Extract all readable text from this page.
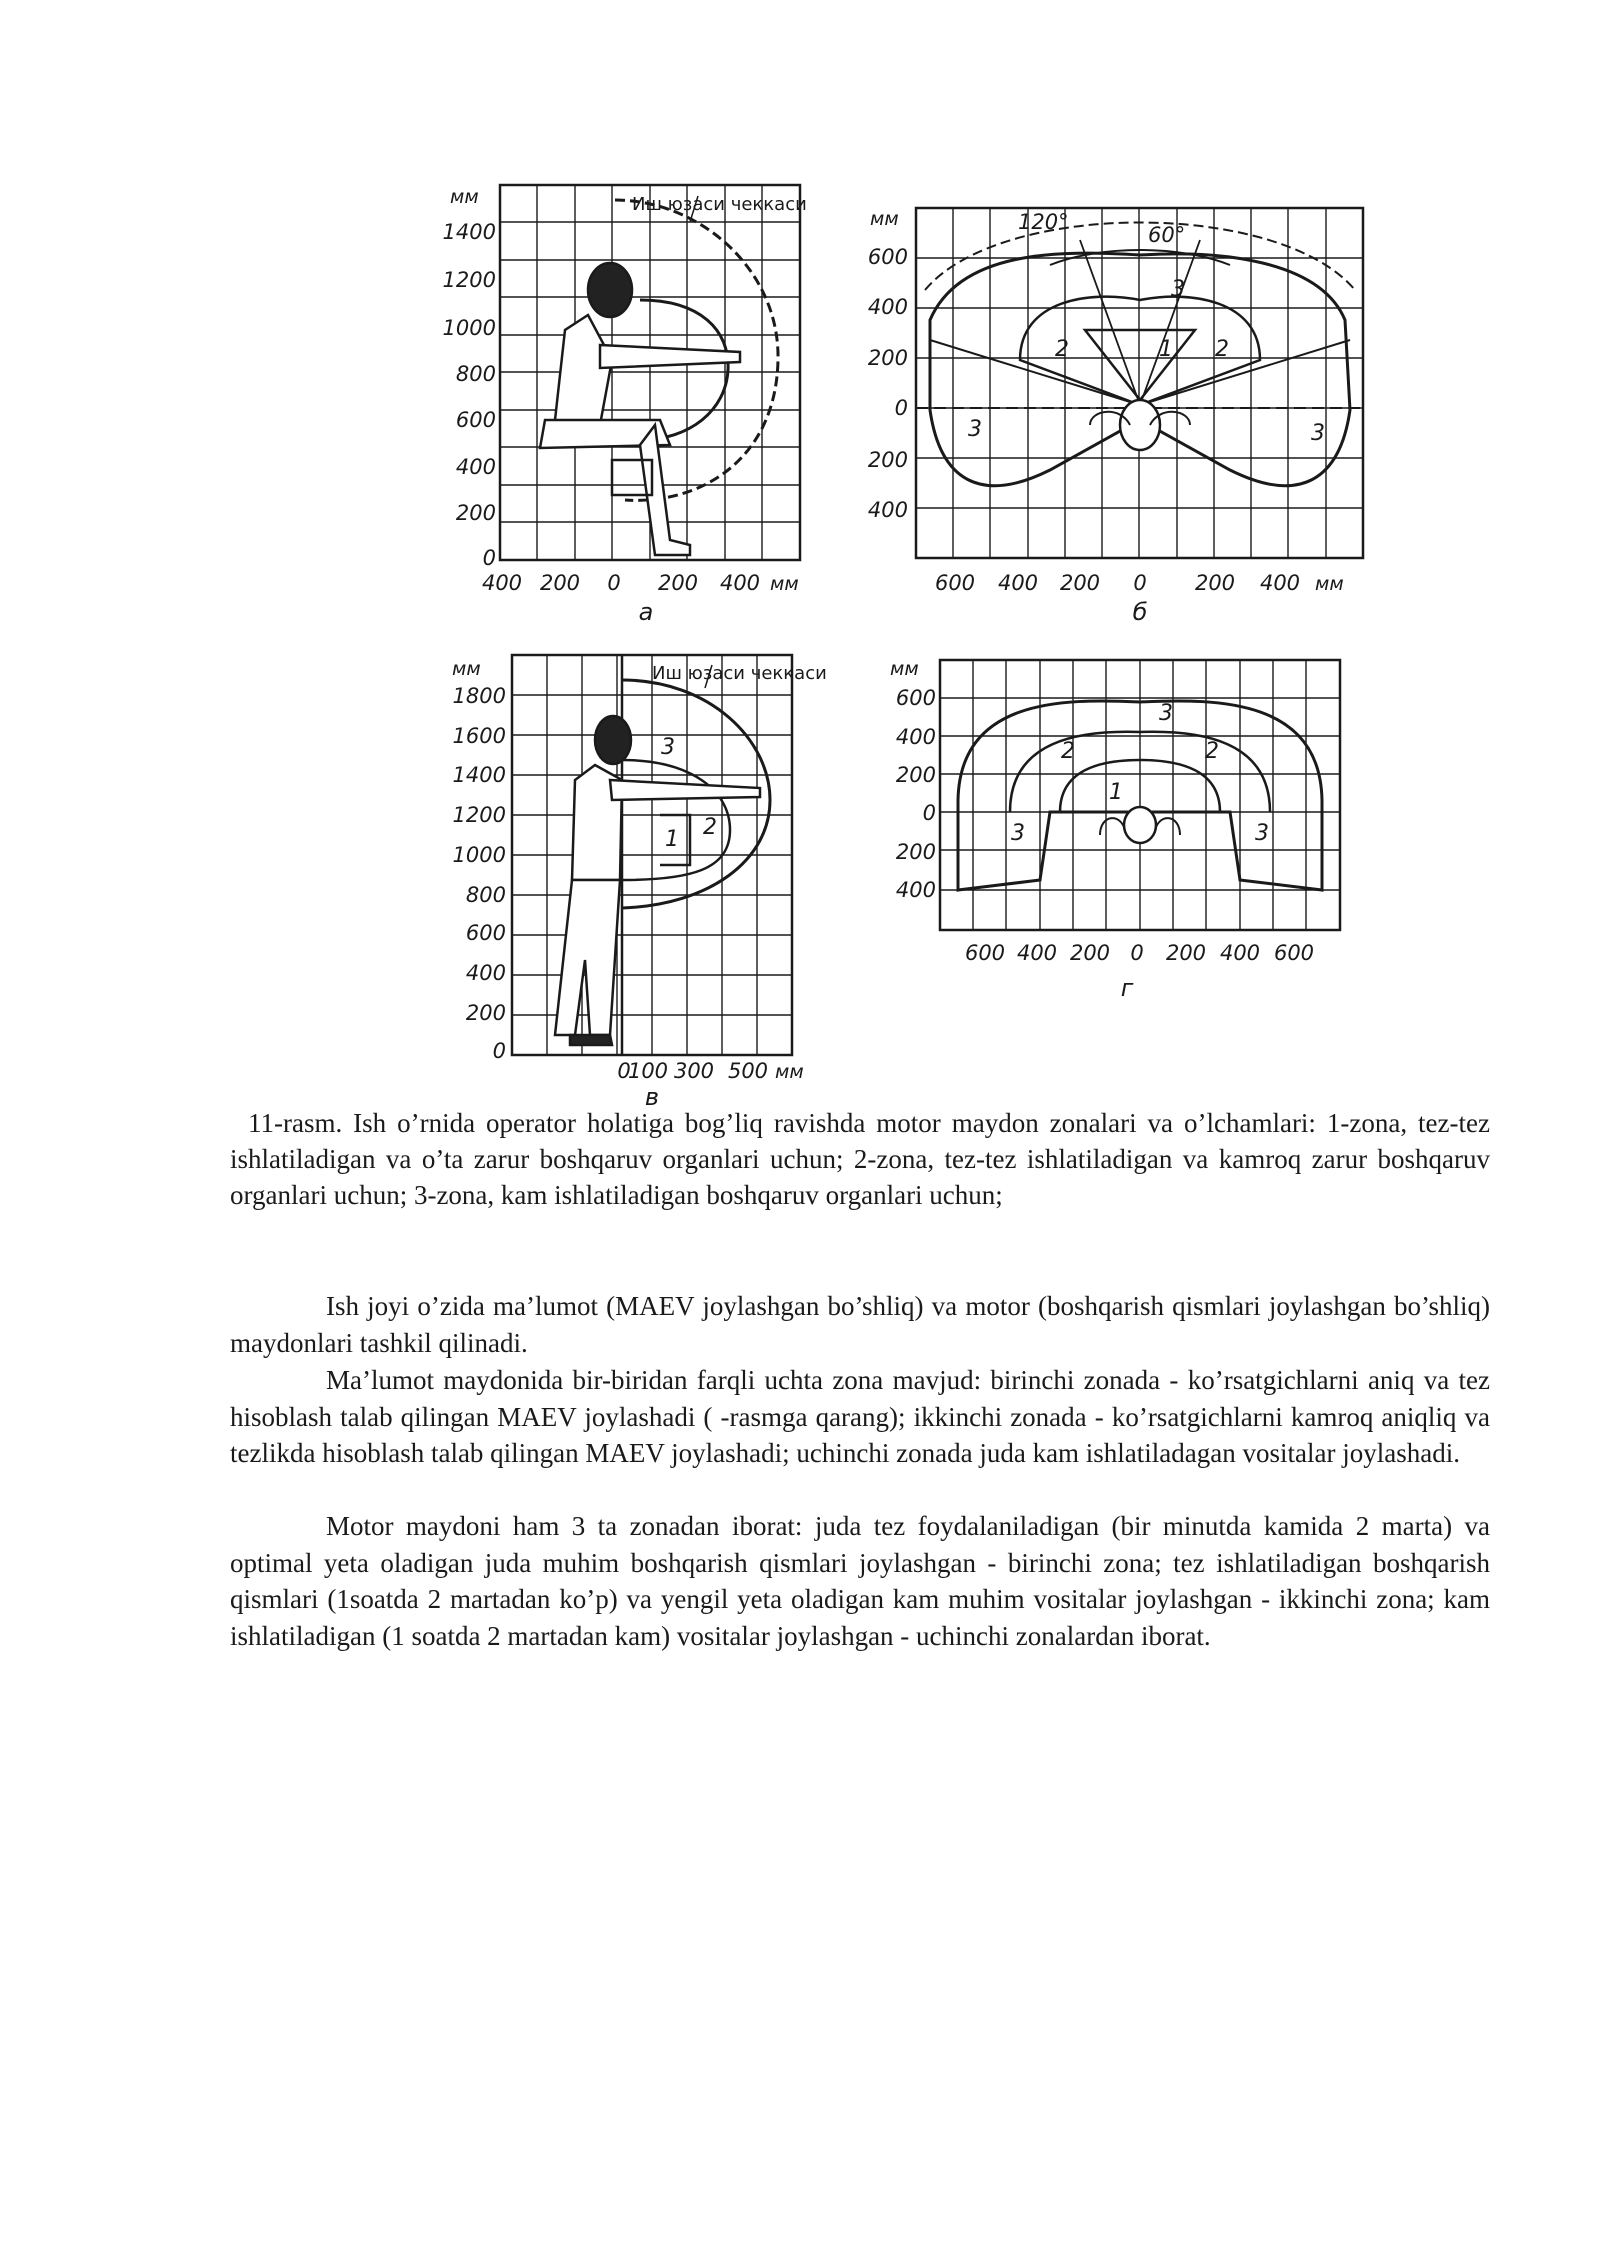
мм
1400
1200
1000
800
600
400
200
0
400 200 0 200 400 мм
Иш юзаси чеккаси
а
мм
600
400
200
0
200
400
600 400 200 0 200 400 мм
120°
60°
3
2	1 2
3	3
б
мм
1800
1600
1400
1200
1000
800
600
400
200
0
0
100 300 500 мм
Иш юзаси чеккаси
3
1 2
в
мм
600
400
200
0
200
400
600 400 200 0 200 400 600
3
2	2
1
3	3
г

11-rasm. Ish o’rnida operator holatiga bog’liq ravishda motor maydon zonalari va o’lchamlari: 1-zona, tez-tez ishlatiladigan va o’ta zarur boshqaruv organlari uchun; 2-zona, tez-tez ishlatiladigan va kamroq zarur boshqaruv organlari uchun; 3-zona, kam ishlatiladigan boshqaruv organlari uchun;

Ish joyi o’zida ma’lumot (MAEV joylashgan bo’shliq) va motor (boshqarish qismlari joylashgan bo’shliq) maydonlari tashkil qilinadi.

Ma’lumot maydonida bir-biridan farqli uchta zona mavjud: birinchi zonada - ko’rsatgichlarni aniq va tez hisoblash talab qilingan MAEV joylashadi ( -rasmga qarang); ikkinchi zonada - ko’rsatgichlarni kamroq aniqliq va tezlikda hisoblash talab qilingan MAEV joylashadi; uchinchi zonada juda kam ishlatiladagan vositalar joylashadi.

Motor maydoni ham 3 ta zonadan iborat: juda tez foydalaniladigan (bir minutda kamida 2 marta) va optimal yeta oladigan juda muhim boshqarish qismlari joylashgan - birinchi zona; tez ishlatiladigan boshqarish qismlari (1soatda 2 martadan ko’p) va yengil yeta oladigan kam muhim vositalar joylashgan - ikkinchi zona; kam ishlatiladigan (1 soatda 2 martadan kam) vositalar joylashgan - uchinchi zonalardan iborat.
